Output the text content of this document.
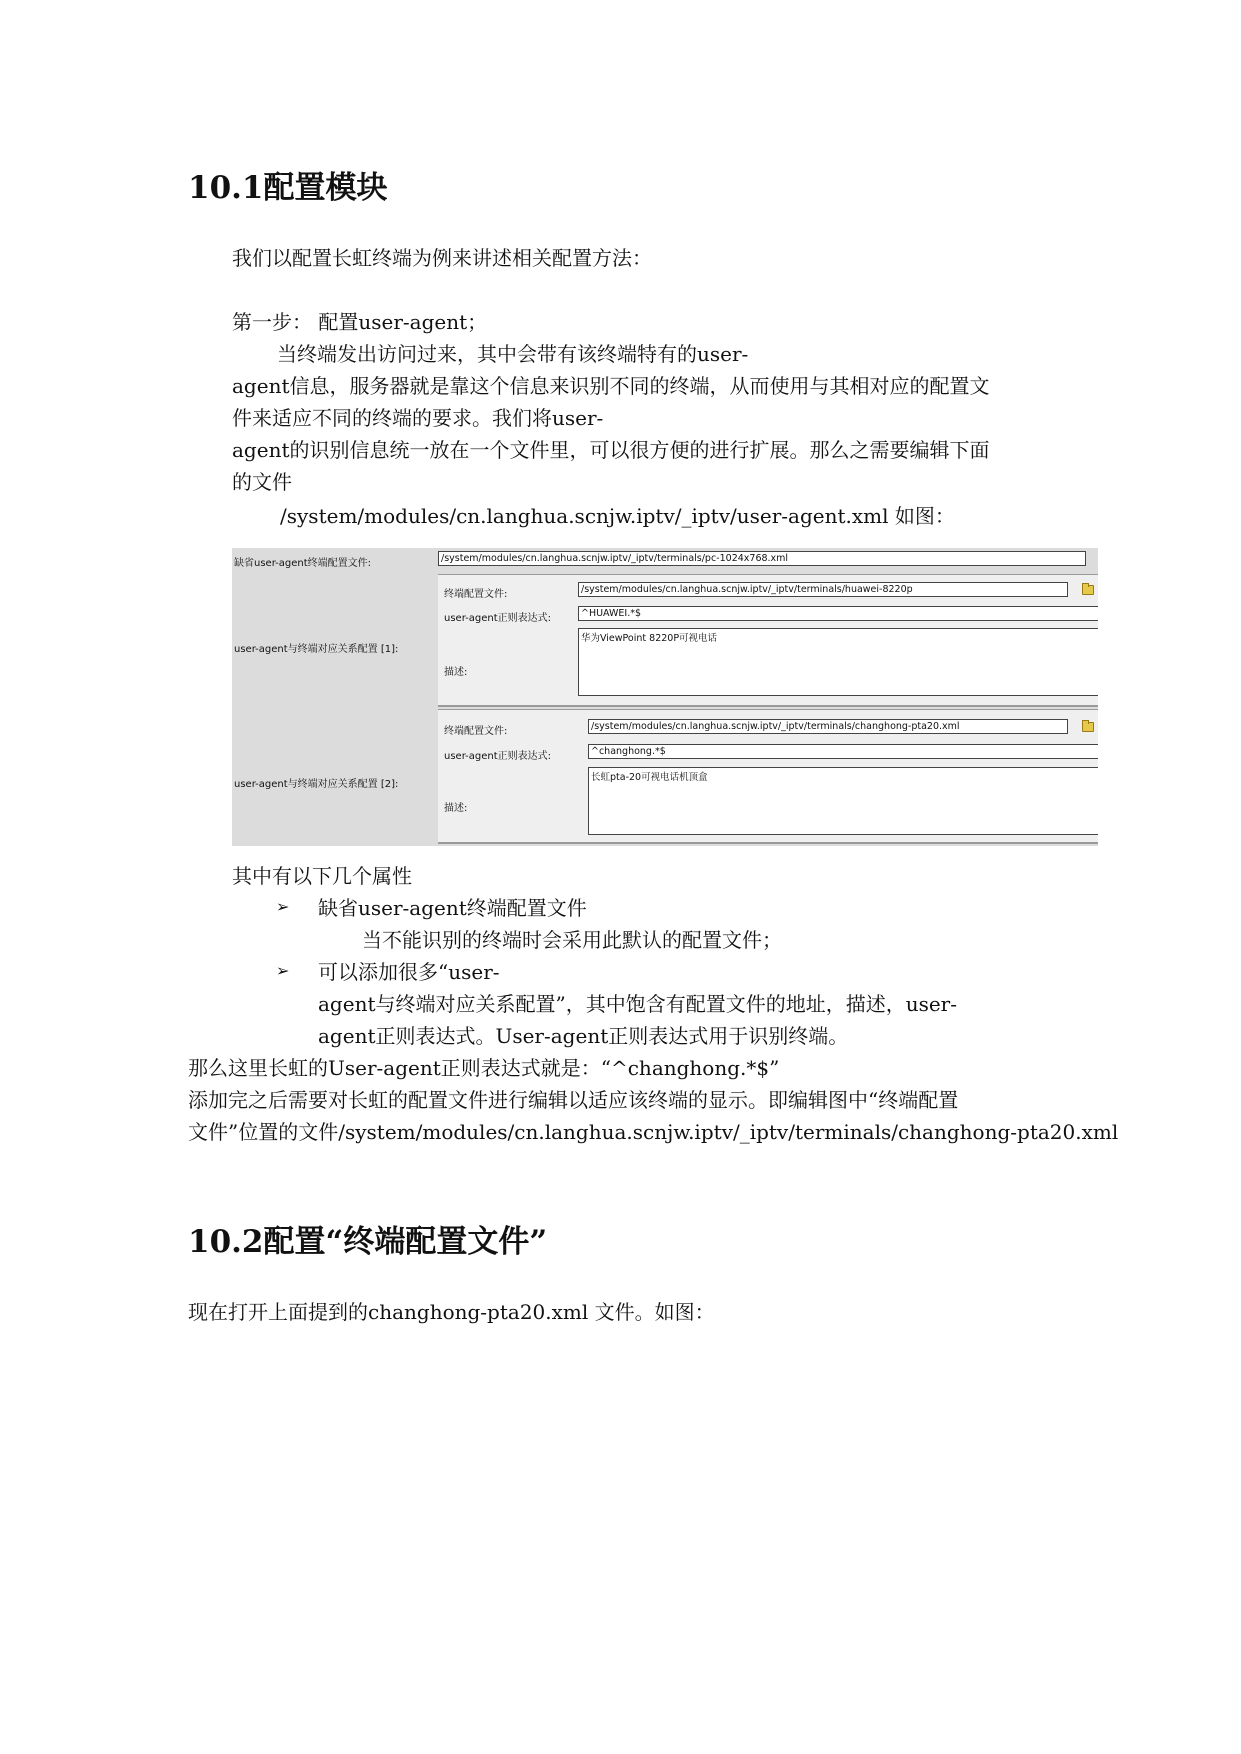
10.1配置模块
我们以配置长虹终端为例来讲述相关配置方法：
第一步： 配置user-agent；
当终端发出访问过来，其中会带有该终端特有的user-
agent信息，服务器就是靠这个信息来识别不同的终端，从而使用与其相对应的配置文
件来适应不同的终端的要求。我们将user-
agent的识别信息统一放在一个文件里，可以很方便的进行扩展。那么之需要编辑下面
的文件
/system/modules/cn.langhua.scnjw.iptv/_iptv/user-agent.xml 如图：
缺省user-agent终端配置文件:	/system/modules/cn.langhua.scnjw.iptv/_iptv/terminals/pc-1024x768.xml
终端配置文件:	/system/modules/cn.langhua.scnjw.iptv/_iptv/terminals/huawei-8220p
user-agent正则表达式:	^HUAWEI.*$
描述:
华为ViewPoint 8220P可视电话
user-agent与终端对应关系配置 [1]:
终端配置文件:	/system/modules/cn.langhua.scnjw.iptv/_iptv/terminals/changhong-pta20.xml
user-agent正则表达式:	^changhong.*$
描述:
长虹pta-20可视电话机顶盒
user-agent与终端对应关系配置 [2]:
其中有以下几个属性
➢ 缺省user-agent终端配置文件
当不能识别的终端时会采用此默认的配置文件；
➢ 可以添加很多“user-
agent与终端对应关系配置”，其中饱含有配置文件的地址，描述，user-
agent正则表达式。User-agent正则表达式用于识别终端。
那么这里长虹的User-agent正则表达式就是：“^changhong.*$”
添加完之后需要对长虹的配置文件进行编辑以适应该终端的显示。即编辑图中“终端配置
文件”位置的文件/system/modules/cn.langhua.scnjw.iptv/_iptv/terminals/changhong-pta20.xml
10.2配置“终端配置文件”
现在打开上面提到的changhong-pta20.xml 文件。如图：
